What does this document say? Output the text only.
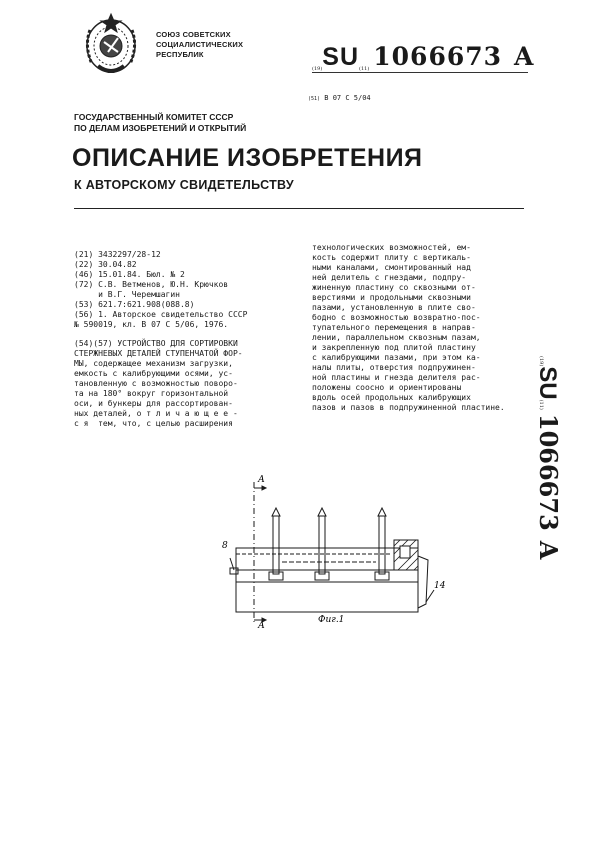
СОЮЗ СОВЕТСКИХ
СОЦИАЛИСТИЧЕСКИХ
РЕСПУБЛИК
(19)SU(11) 1066673 A
(51) В 07 С 5/04
ГОСУДАРСТВЕННЫЙ КОМИТЕТ СССР
ПО ДЕЛАМ ИЗОБРЕТЕНИЙ И ОТКРЫТИЙ
ОПИСАНИЕ ИЗОБРЕТЕНИЯ
К АВТОРСКОМУ СВИДЕТЕЛЬСТВУ
(21) 3432297/28-12
(22) 30.04.82
(46) 15.01.84. Бюл. № 2
(72) С.В. Ветменов, Ю.Н. Крючков
и В.Г. Черемшагин
(53) 621.7:621.908(088.8)
(56) 1. Авторское свидетельство СССР
№ 590019, кл. В 07 С 5/06, 1976.
(54)(57) УСТРОЙСТВО ДЛЯ СОРТИРОВКИ
СТЕРЖНЕВЫХ ДЕТАЛЕЙ СТУПЕНЧАТОЙ ФОР-
МЫ, содержащее механизм загрузки,
емкость с калибрующими осями, ус-
тановленную с возможностью поворо-
та на 180° вокруг горизонтальной
оси, и бункеры для рассортирован-
ных деталей, о т л и ч а ю щ е е -
с я  тем, что, с целью расширения
технологических возможностей, ем-
кость содержит плиту с вертикаль-
ными каналами, смонтированный над
ней делитель с гнездами, подпру-
жиненную пластину со сквозными от-
верстиями и продольными сквозными
пазами, установленную в плите сво-
бодно с возможностью возвратно-пос-
тупательного перемещения в направ-
лении, параллельном сквозным пазам,
и закрепленную под плитой пластину
с калибрующими пазами, при этом ка-
налы плиты, отверстия подпружинен-
ной пластины и гнезда делителя рас-
положены соосно и ориентированы
вдоль осей продольных калибрующих
пазов и пазов в подпружиненной пластине.
(19)SU(11)1066673A
А
А
8
14
Фиг.1
